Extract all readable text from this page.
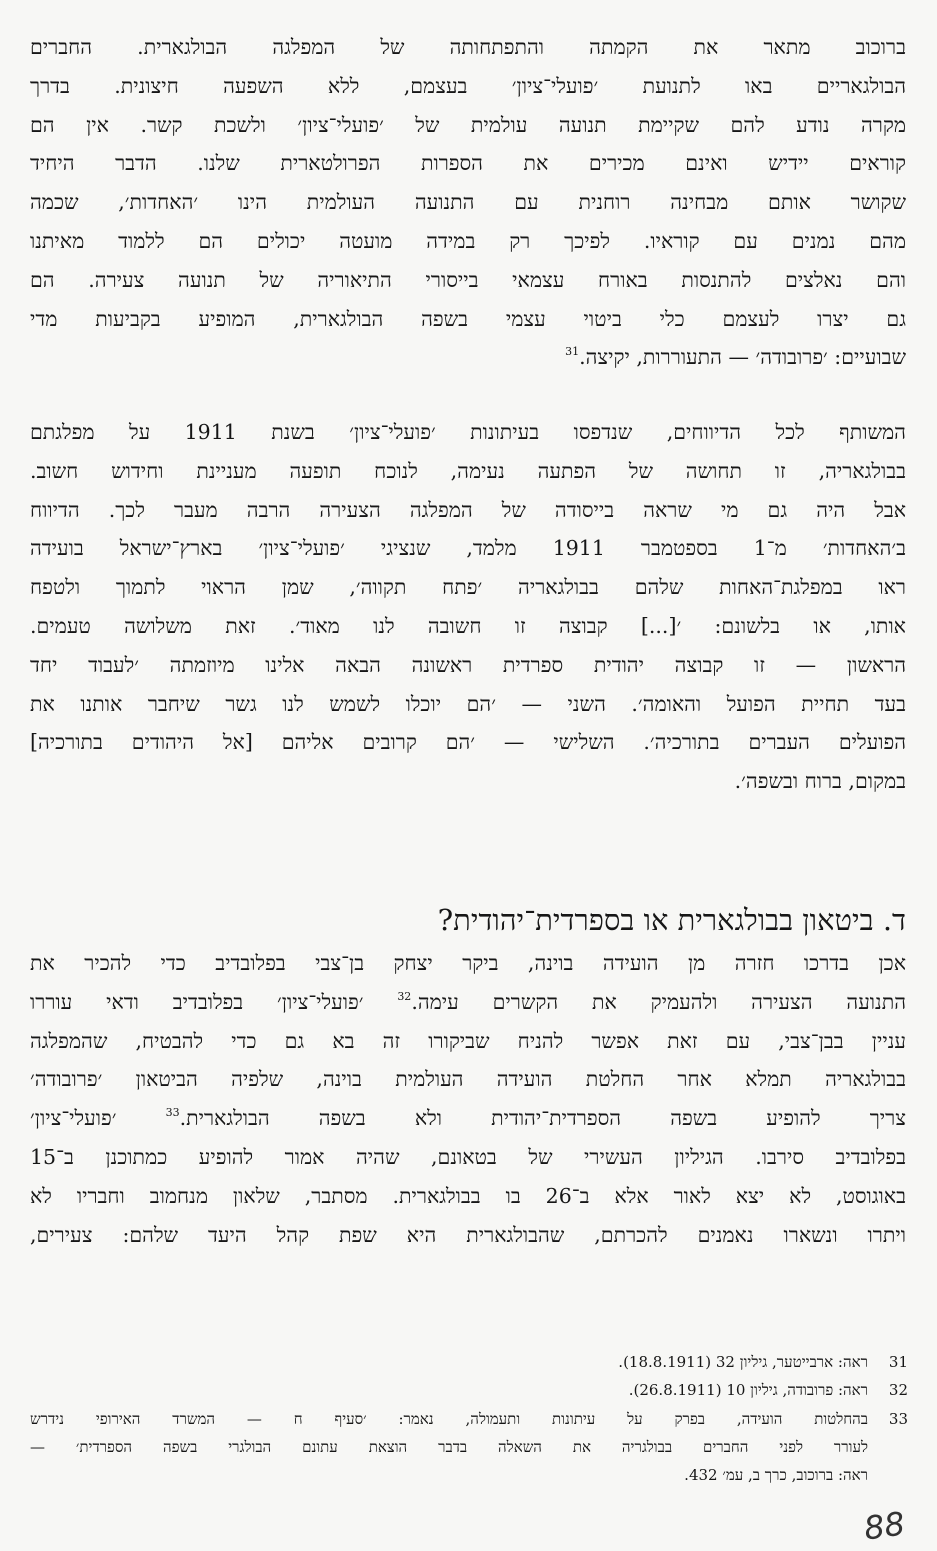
ברוכוב מתאר את הקמתה והתפתחותה של המפלגה הבולגארית. החברים
הבולגאריים באו לתנועת ׳פועלי־ציון׳ בעצמם, ללא השפעה חיצונית. בדרך
מקרה נודע להם שקיימת תנועה עולמית של ׳פועלי־ציון׳ ולשכת קשר. אין הם
קוראים יידיש ואינם מכירים את הספרות הפרולטארית שלנו. הדבר היחיד
שקושר אותם מבחינה רוחנית עם התנועה העולמית הינו ׳האחדות׳, שכמה
מהם נמנים עם קוראיו. לפיכך רק במידה מועטה יכולים הם ללמוד מאיתנו
והם נאלצים להתנסות באורח עצמאי בייסורי התיאוריה של תנועה צעירה. הם
גם יצרו לעצמם כלי ביטוי עצמי בשפה הבולגארית, המופיע בקביעות מדי
שבועיים: ׳פרובודה׳ — התעוררות, יקיצה.$^{31}$
המשותף לכל הדיווחים, שנדפסו בעיתונות ׳פועלי־ציון׳ בשנת 1911 על מפלגתם
בבולגאריה, זו תחושה של הפתעה נעימה, לנוכח תופעה מעניינת וחידוש חשוב.
אבל היה גם מי שראה בייסודה של המפלגה הצעירה הרבה מעבר לכך. הדיווח
ב׳האחדות׳ מ־1 בספטמבר 1911 מלמד, שנציגי ׳פועלי־ציון׳ בארץ־ישראל בועידה
ראו במפלגת־האחות שלהם בבולגאריה ׳פתח תקווה׳, שמן הראוי לתמוך ולטפח
אותו, או בלשונם: ׳[...] קבוצה זו חשובה לנו מאוד׳. זאת משלושה טעמים.
הראשון — זו קבוצה יהודית ספרדית ראשונה הבאה אלינו מיוזמתה ׳לעבוד יחד
בעד תחיית הפועל והאומה׳. השני — ׳הם יוכלו לשמש לנו גשר שיחבר אותנו את
הפועלים העברים בתורכיה׳. השלישי — ׳הם קרובים אליהם [אל היהודים בתורכיה]
במקום, ברוח ובשפה׳.
ד. ביטאון בבולגארית או בספרדית־יהודית?
אכן בדרכו חזרה מן הועידה בוינה, ביקר יצחק בן־צבי בפלובדיב כדי להכיר את
התנועה הצעירה ולהעמיק את הקשרים עימה.$^{32}$ ׳פועלי־ציון׳ בפלובדיב ודאי עוררו
עניין בבן־צבי, עם זאת אפשר להניח שביקורו זה בא גם כדי להבטיח, שהמפלגה
בבולגאריה תמלא אחר החלטת הועידה העולמית בוינה, שלפיה הביטאון ׳פרובודה׳
צריך להופיע בשפה הספרדית־יהודית ולא בשפה הבולגארית.$^{33}$ ׳פועלי־ציון׳
בפלובדיב סירבו. הגיליון העשירי של בטאונם, שהיה אמור להופיע כמתוכנן ב־15
באוגוסט, לא יצא לאור אלא ב־26 בו בבולגארית. מסתבר, שלאון מנחמוב וחבריו לא
ויתרו ונשארו נאמנים להכרתם, שהבולגארית היא שפת קהל היעד שלהם: צעירים,
31
ראה: ארבייטער, גיליון 32 (18.8.1911).
32
ראה: פרובודה, גיליון 10 (26.8.1911).
33
בהחלטות הועידה, בפרק על עיתונות ותעמולה, נאמר: ׳סעיף ח — המשרד האירופי נידרש
לעורר לפני החברים בבולגריה את השאלה בדבר הוצאת עתונם הבולגרי בשפה הספרדית׳ —
ראה: ברוכוב, כרך ב, עמ׳ 432.
88
